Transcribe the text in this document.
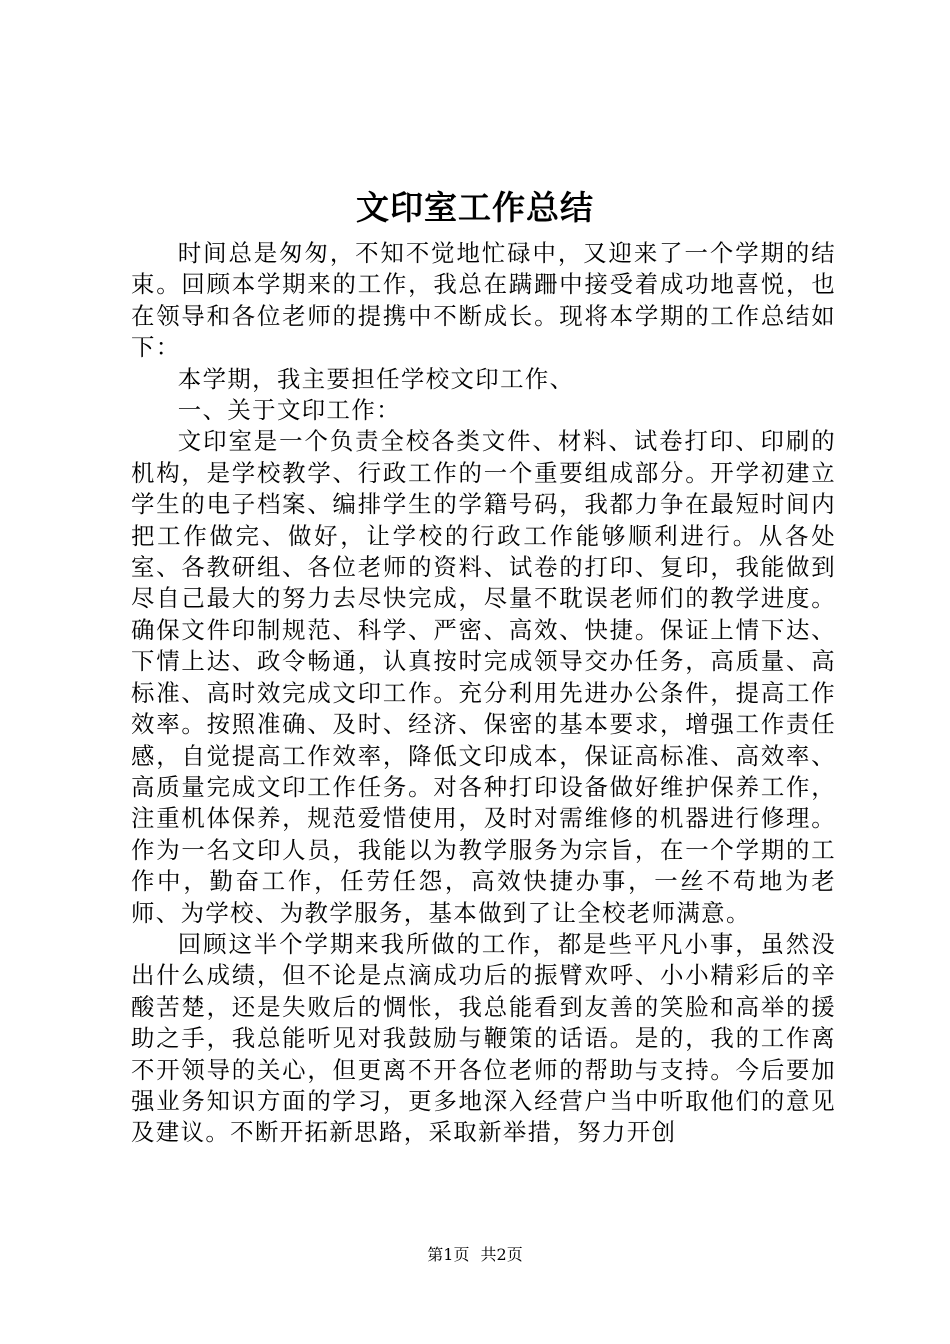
文印室工作总结

时间总是匆匆，不知不觉地忙碌中，又迎来了一个学期的结束。回顾本学期来的工作，我总在蹒跚中接受着成功地喜悦，也在领导和各位老师的提携中不断成长。现将本学期的工作总结如下：

本学期，我主要担任学校文印工作、

一、关于文印工作：

文印室是一个负责全校各类文件、材料、试卷打印、印刷的机构，是学校教学、行政工作的一个重要组成部分。开学初建立学生的电子档案、编排学生的学籍号码，我都力争在最短时间内把工作做完、做好，让学校的行政工作能够顺利进行。从各处室、各教研组、各位老师的资料、试卷的打印、复印，我能做到尽自己最大的努力去尽快完成，尽量不耽误老师们的教学进度。确保文件印制规范、科学、严密、高效、快捷。保证上情下达、下情上达、政令畅通，认真按时完成领导交办任务，高质量、高标准、高时效完成文印工作。充分利用先进办公条件，提高工作效率。按照准确、及时、经济、保密的基本要求，增强工作责任感，自觉提高工作效率，降低文印成本，保证高标准、高效率、高质量完成文印工作任务。对各种打印设备做好维护保养工作，注重机体保养，规范爱惜使用，及时对需维修的机器进行修理。作为一名文印人员，我能以为教学服务为宗旨，在一个学期的工作中，勤奋工作，任劳任怨，高效快捷办事，一丝不苟地为老师、为学校、为教学服务，基本做到了让全校老师满意。

回顾这半个学期来我所做的工作，都是些平凡小事，虽然没出什么成绩，但不论是点滴成功后的振臂欢呼、小小精彩后的辛酸苦楚，还是失败后的惆怅，我总能看到友善的笑脸和高举的援助之手，我总能听见对我鼓励与鞭策的话语。是的，我的工作离不开领导的关心，但更离不开各位老师的帮助与支持。今后要加强业务知识方面的学习，更多地深入经营户当中听取他们的意见及建议。不断开拓新思路，采取新举措，努力开创

第1页 共2页
